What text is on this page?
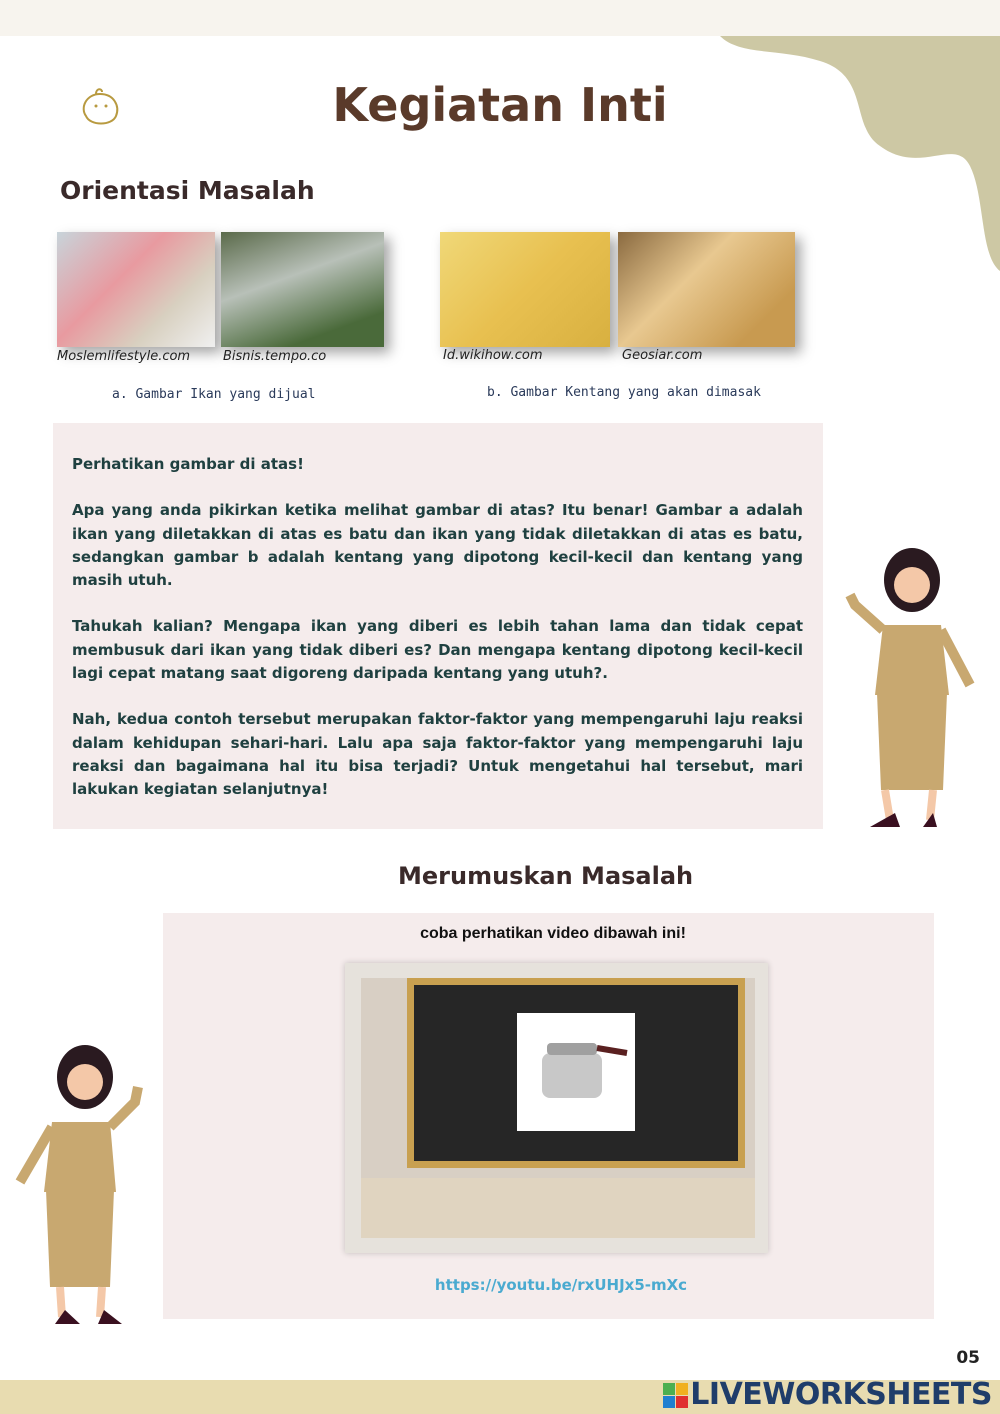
Kegiatan Inti
Orientasi Masalah
Moslemlifestyle.com	Bisnis.tempo.co	Id.wikihow.com	Geosiar.com
a. Gambar Ikan yang dijual	b. Gambar Kentang yang akan dimasak

Perhatikan gambar di atas!

Apa yang anda pikirkan ketika melihat gambar di atas? Itu benar! Gambar a adalah ikan yang diletakkan di atas es batu dan ikan yang tidak diletakkan di atas es batu, sedangkan gambar b adalah kentang yang dipotong kecil-kecil dan kentang yang masih utuh.

Tahukah kalian? Mengapa ikan yang diberi es lebih tahan lama dan tidak cepat membusuk dari ikan yang tidak diberi es? Dan mengapa kentang dipotong kecil-kecil lagi cepat matang saat digoreng daripada kentang yang utuh?.

Nah, kedua contoh tersebut merupakan faktor-faktor yang mempengaruhi laju reaksi dalam kehidupan sehari-hari. Lalu apa saja faktor-faktor yang mempengaruhi laju reaksi dan bagaimana hal itu bisa terjadi? Untuk mengetahui hal tersebut, mari lakukan kegiatan selanjutnya!

Merumuskan Masalah
coba perhatikan video dibawah ini!
https://youtu.be/rxUHJx5-mXc
05
LIVEWORKSHEETS
